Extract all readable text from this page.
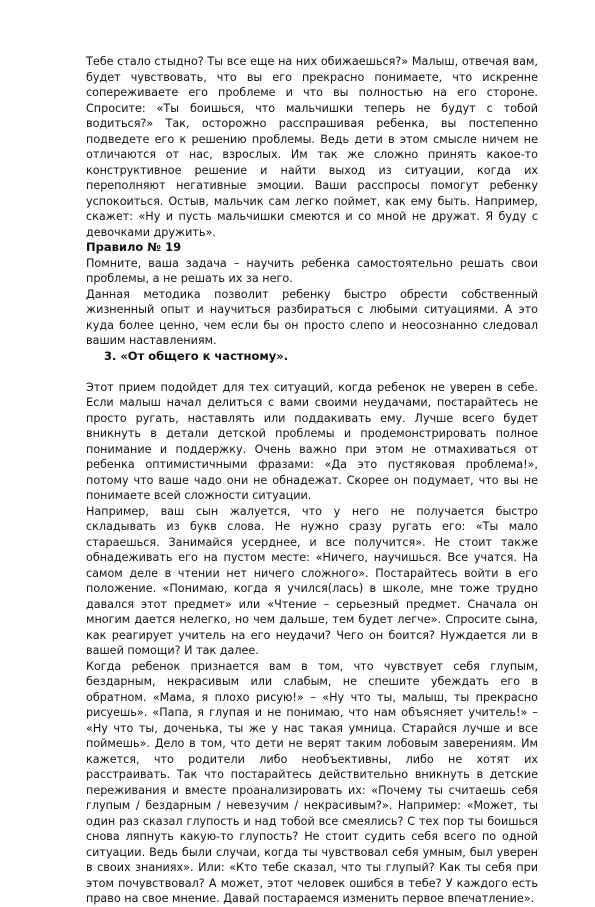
Тебе стало стыдно? Ты все еще на них обижаешься?» Малыш, отвечая вам, будет чувствовать, что вы его прекрасно понимаете, что искренне сопереживаете его проблеме и что вы полностью на его стороне. Спросите: «Ты боишься, что мальчишки теперь не будут с тобой водиться?» Так, осторожно расспрашивая ребенка, вы постепенно подведете его к решению проблемы. Ведь дети в этом смысле ничем не отличаются от нас, взрослых. Им так же сложно принять какое-то конструктивное решение и найти выход из ситуации, когда их переполняют негативные эмоции. Ваши расспросы помогут ребенку успокоиться. Остыв, мальчик сам легко поймет, как ему быть. Например, скажет: «Ну и пусть мальчишки смеются и со мной не дружат. Я буду с девочками дружить».

Правило № 19

Помните, ваша задача – научить ребенка самостоятельно решать свои проблемы, а не решать их за него.

Данная методика позволит ребенку быстро обрести собственный жизненный опыт и научиться разбираться с любыми ситуациями. А это куда более ценно, чем если бы он просто слепо и неосознанно следовал вашим наставлениям.

3. «От общего к частному».

Этот прием подойдет для тех ситуаций, когда ребенок не уверен в себе. Если малыш начал делиться с вами своими неудачами, постарайтесь не просто ругать, наставлять или поддакивать ему. Лучше всего будет вникнуть в детали детской проблемы и продемонстрировать полное понимание и поддержку. Очень важно при этом не отмахиваться от ребенка оптимистичными фразами: «Да это пустяковая проблема!», потому что ваше чадо они не обнадежат. Скорее он подумает, что вы не понимаете всей сложности ситуации.

Например, ваш сын жалуется, что у него не получается быстро складывать из букв слова. Не нужно сразу ругать его: «Ты мало стараешься. Занимайся усерднее, и все получится». Не стоит также обнадеживать его на пустом месте: «Ничего, научишься. Все учатся. На самом деле в чтении нет ничего сложного». Постарайтесь войти в его положение. «Понимаю, когда я учился(лась) в школе, мне тоже трудно давался этот предмет» или «Чтение – серьезный предмет. Сначала он многим дается нелегко, но чем дальше, тем будет легче». Спросите сына, как реагирует учитель на его неудачи? Чего он боится? Нуждается ли в вашей помощи? И так далее.

Когда ребенок признается вам в том, что чувствует себя глупым, бездарным, некрасивым или слабым, не спешите убеждать его в обратном. «Мама, я плохо рисую!» – «Ну что ты, малыш, ты прекрасно рисуешь». «Папа, я глупая и не понимаю, что нам объясняет учитель!» – «Ну что ты, доченька, ты же у нас такая умница. Старайся лучше и все поймешь». Дело в том, что дети не верят таким лобовым заверениям. Им кажется, что родители либо необъективны, либо не хотят их расстраивать. Так что постарайтесь действительно вникнуть в детские переживания и вместе проанализировать их: «Почему ты считаешь себя глупым / бездарным / невезучим / некрасивым?». Например: «Может, ты один раз сказал глупость и над тобой все смеялись? С тех пор ты боишься снова ляпнуть какую-то глупость? Не стоит судить себя всего по одной ситуации. Ведь были случаи, когда ты чувствовал себя умным, был уверен в своих знаниях». Или: «Кто тебе сказал, что ты глупый? Как ты себя при этом почувствовал? А может, этот человек ошибся в тебе? У каждого есть право на свое мнение. Давай постараемся изменить первое впечатление».
